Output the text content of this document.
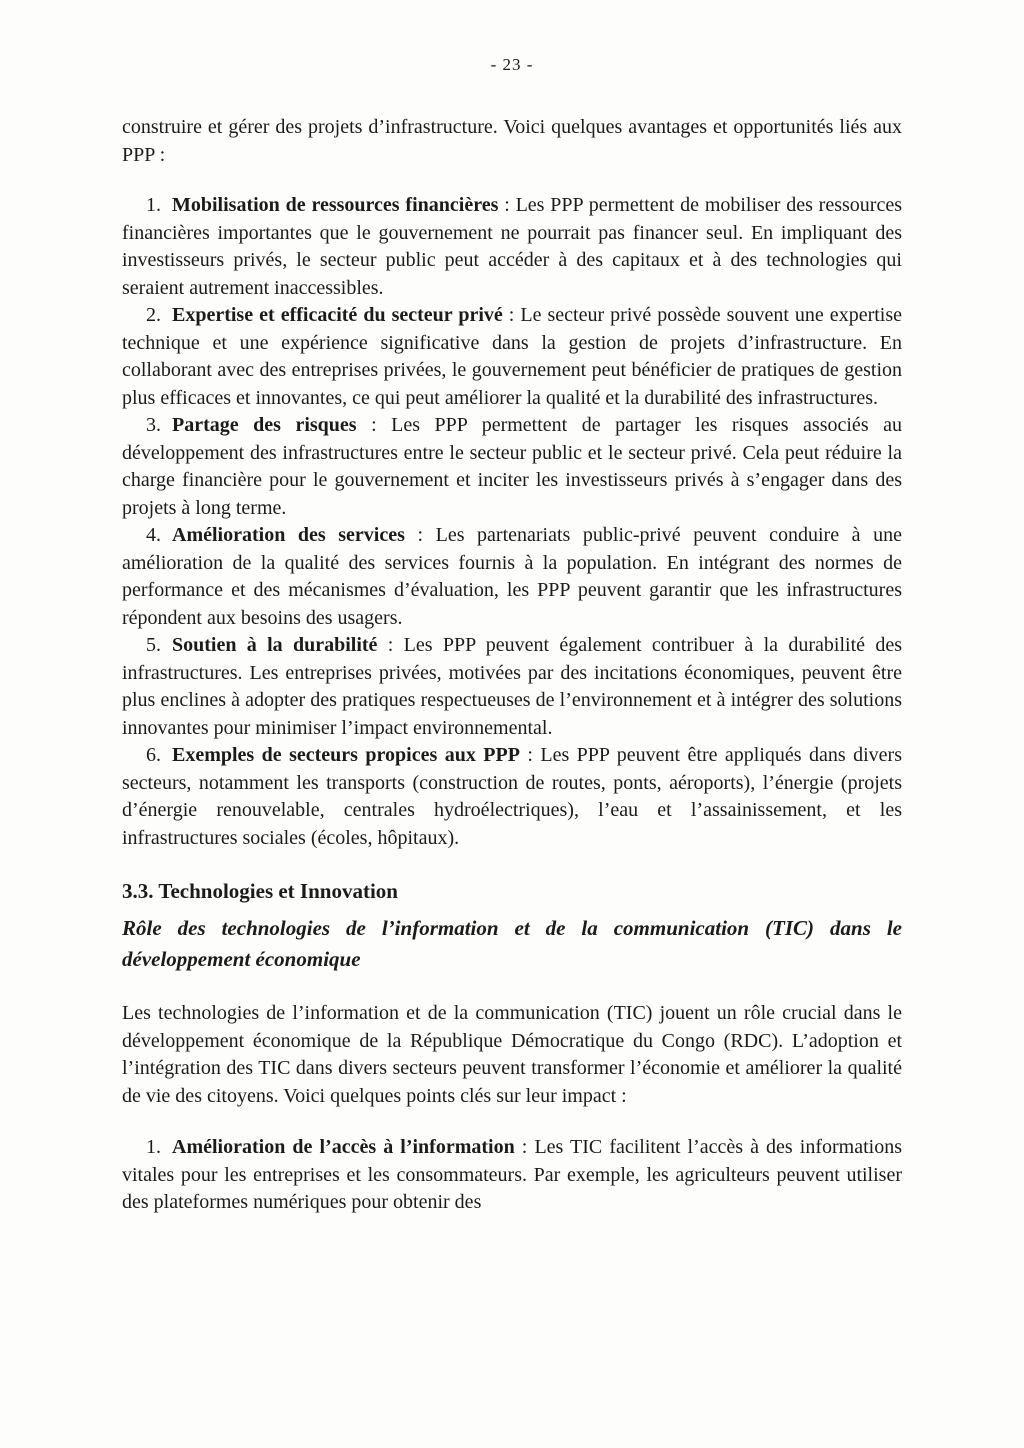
- 23 -

construire et gérer des projets d’infrastructure. Voici quelques avantages et opportunités liés aux PPP :

1. Mobilisation de ressources financières : Les PPP permettent de mobiliser des ressources financières importantes que le gouvernement ne pourrait pas financer seul. En impliquant des investisseurs privés, le secteur public peut accéder à des capitaux et à des technologies qui seraient autrement inaccessibles.

2. Expertise et efficacité du secteur privé : Le secteur privé possède souvent une expertise technique et une expérience significative dans la gestion de projets d’infrastructure. En collaborant avec des entreprises privées, le gouvernement peut bénéficier de pratiques de gestion plus efficaces et innovantes, ce qui peut améliorer la qualité et la durabilité des infrastructures.

3. Partage des risques : Les PPP permettent de partager les risques associés au développement des infrastructures entre le secteur public et le secteur privé. Cela peut réduire la charge financière pour le gouvernement et inciter les investisseurs privés à s’engager dans des projets à long terme.

4. Amélioration des services : Les partenariats public-privé peuvent conduire à une amélioration de la qualité des services fournis à la population. En intégrant des normes de performance et des mécanismes d’évaluation, les PPP peuvent garantir que les infrastructures répondent aux besoins des usagers.

5. Soutien à la durabilité : Les PPP peuvent également contribuer à la durabilité des infrastructures. Les entreprises privées, motivées par des incitations économiques, peuvent être plus enclines à adopter des pratiques respectueuses de l’environnement et à intégrer des solutions innovantes pour minimiser l’impact environnemental.

6. Exemples de secteurs propices aux PPP : Les PPP peuvent être appliqués dans divers secteurs, notamment les transports (construction de routes, ponts, aéroports), l’énergie (projets d’énergie renouvelable, centrales hydroélectriques), l’eau et l’assainissement, et les infrastructures sociales (écoles, hôpitaux).

3.3. Technologies et Innovation
Rôle des technologies de l’information et de la communication (TIC) dans le développement économique

Les technologies de l’information et de la communication (TIC) jouent un rôle crucial dans le développement économique de la République Démocratique du Congo (RDC). L’adoption et l’intégration des TIC dans divers secteurs peuvent transformer l’économie et améliorer la qualité de vie des citoyens. Voici quelques points clés sur leur impact :

1. Amélioration de l’accès à l’information : Les TIC facilitent l’accès à des informations vitales pour les entreprises et les consommateurs. Par exemple, les agriculteurs peuvent utiliser des plateformes numériques pour obtenir des
